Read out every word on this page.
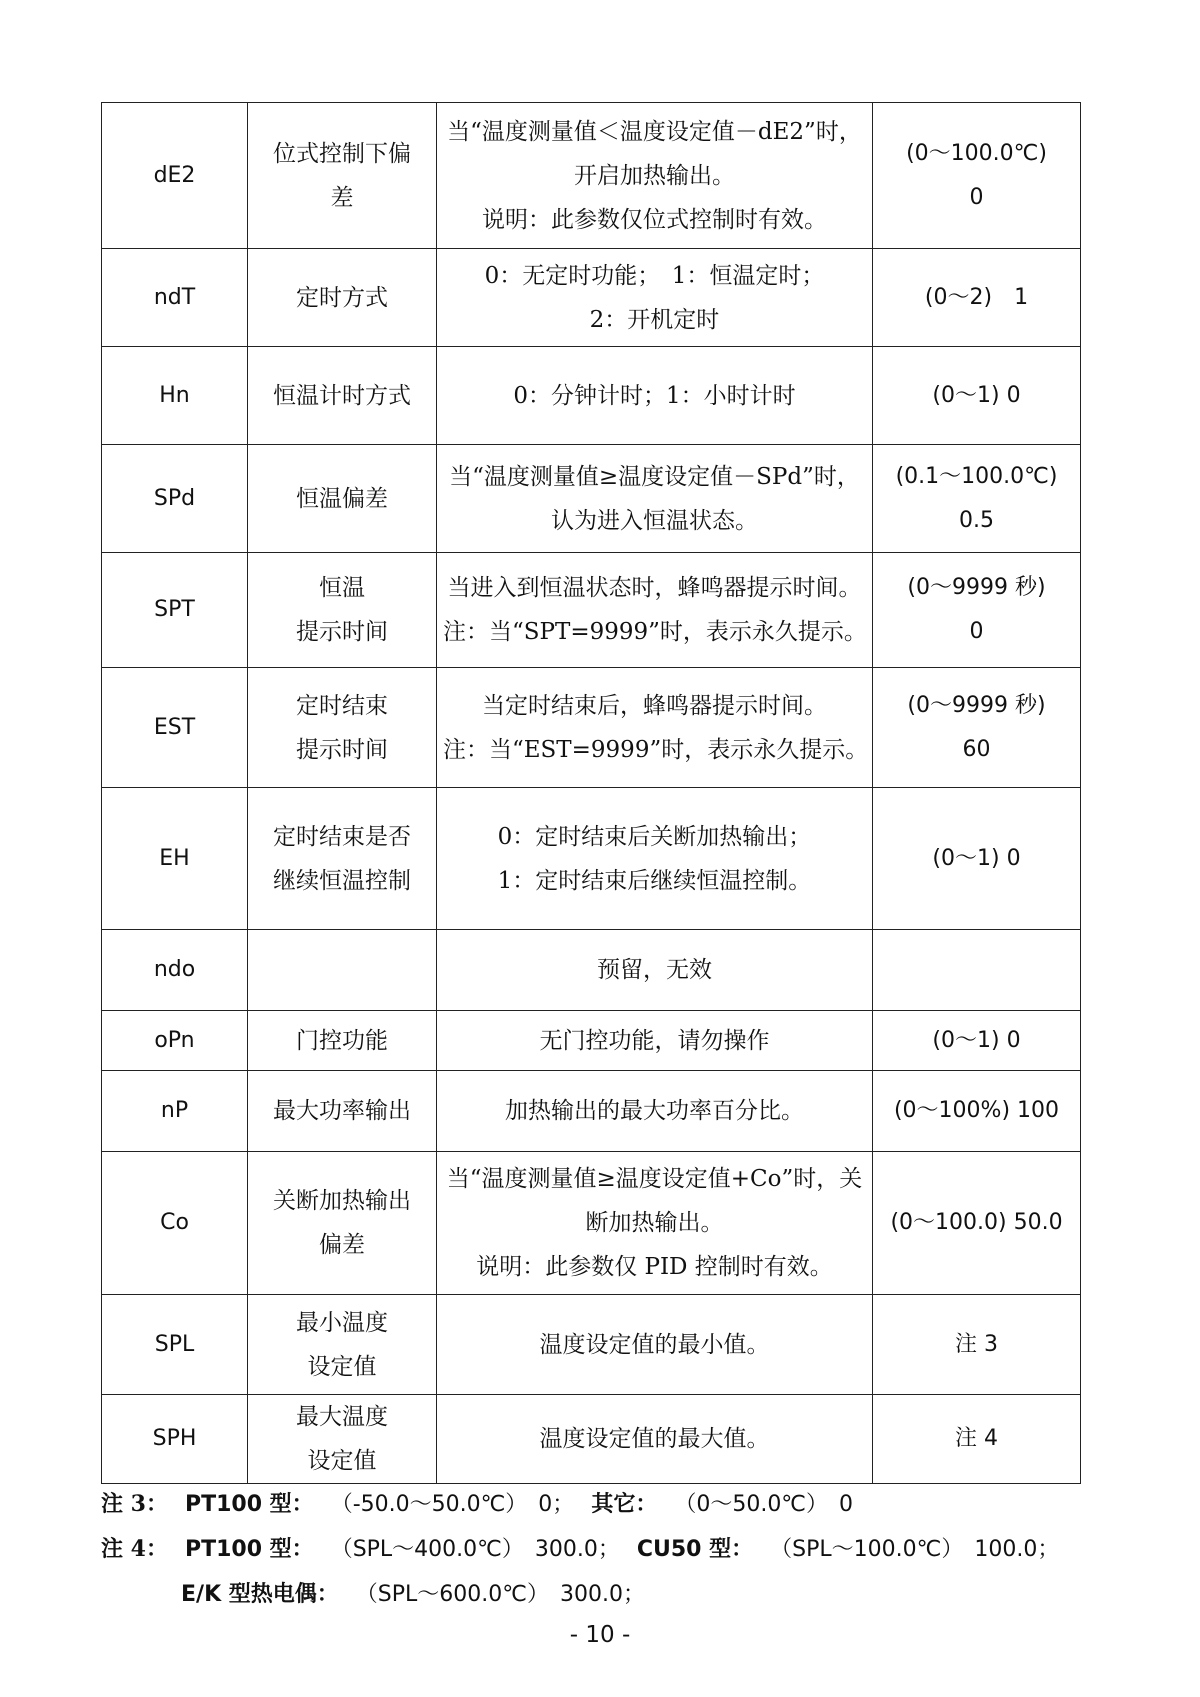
dE2	位式控制下偏
差	当“温度测量值＜温度设定值－dE2”时，
开启加热输出。
说明：此参数仅位式控制时有效。	(0～100.0℃)
0

ndT	定时方式	0：无定时功能；　1：恒温定时；
2：开机定时	(0～2)　1

Hn	恒温计时方式	0：分钟计时；1：小时计时	(0～1) 0

SPd	恒温偏差	当“温度测量值≥温度设定值－SPd”时，
认为进入恒温状态。	(0.1～100.0℃)
0.5

SPT	恒温
提示时间	当进入到恒温状态时，蜂鸣器提示时间。
注：当“SPT=9999”时，表示永久提示。	(0～9999 秒)
0

EST	定时结束
提示时间	当定时结束后，蜂鸣器提示时间。
注：当“EST=9999”时，表示永久提示。	(0～9999 秒)
60

EH	定时结束是否
继续恒温控制	0：定时结束后关断加热输出；
1：定时结束后继续恒温控制。	(0～1) 0

ndo		预留，无效	

oPn	门控功能	无门控功能，请勿操作	(0～1) 0

nP	最大功率输出	加热输出的最大功率百分比。	(0～100%) 100

Co	关断加热输出
偏差	当“温度测量值≥温度设定值+Co”时，关
断加热输出。
说明：此参数仅 PID 控制时有效。	(0～100.0) 50.0

SPL	最小温度
设定值	温度设定值的最小值。	注 3

SPH	最大温度
设定值	温度设定值的最大值。	注 4
注 3： PT100 型： （-50.0～50.0℃）　0； 其它： （0～50.0℃）　0
注 4： PT100 型： （SPL～400.0℃）　300.0； CU50 型： （SPL～100.0℃）　100.0；
E/K 型热电偶： （SPL～600.0℃）　300.0；
- 10 -
